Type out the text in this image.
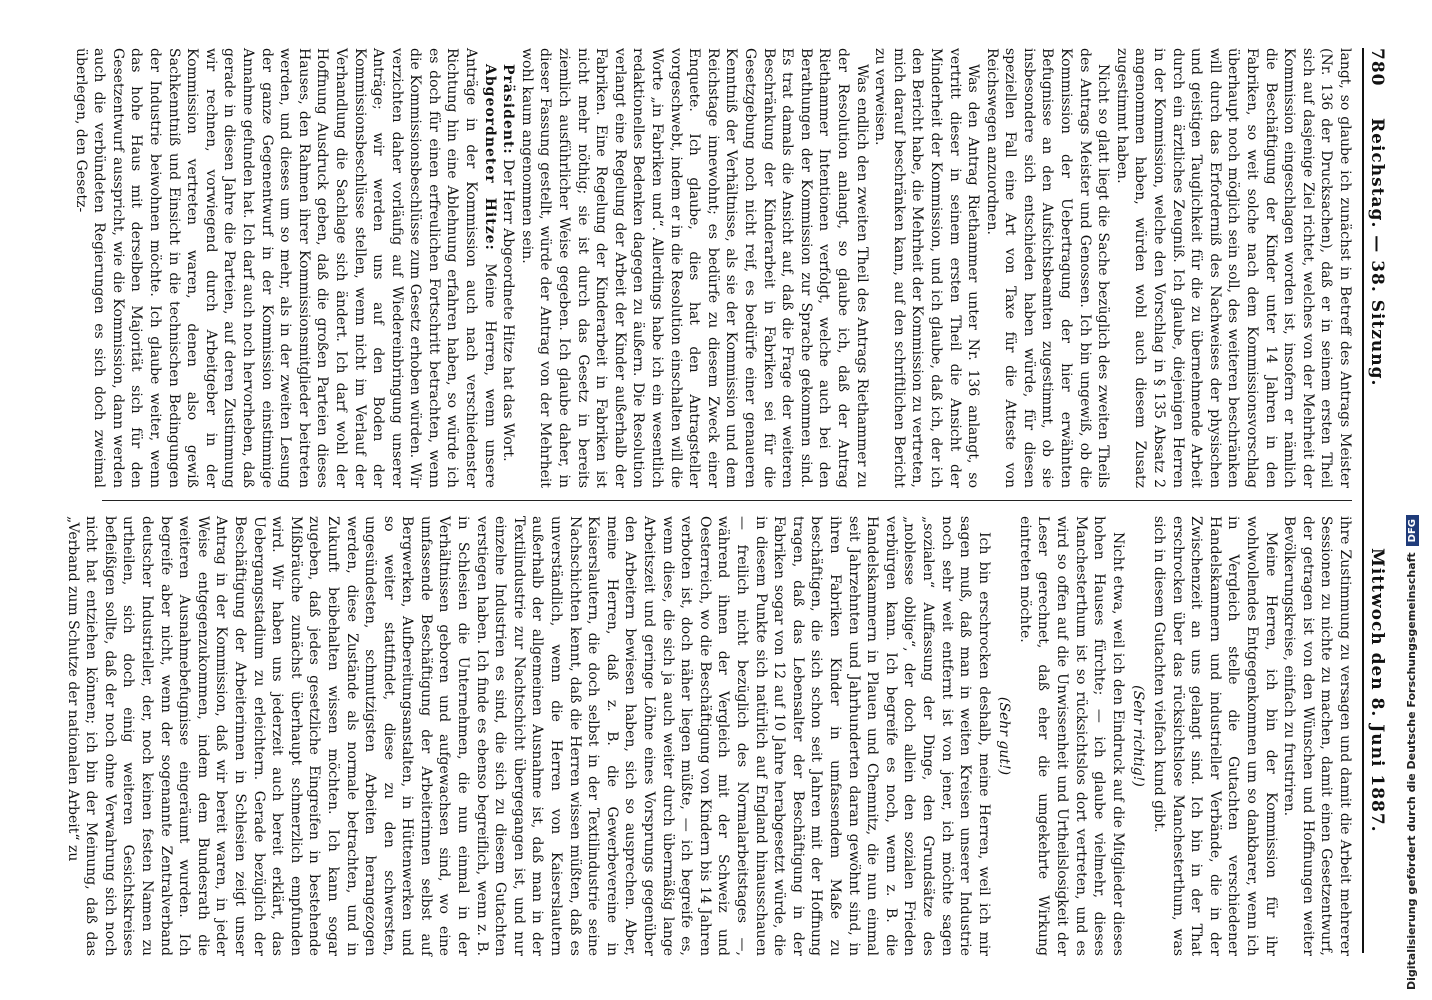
780
Reichstag. — 38. Sitzung.
Mittwoch den 8. Juni 1887.

langt, so glaube ich zunächst in Betreff des Antrags Meister (Nr. 136 der Drucksachen), daß er in seinem ersten Theil sich auf dasjenige Ziel richtet, welches von der Mehrheit der Kommission eingeschlagen worden ist, insofern er nämlich die Beschäftigung der Kinder unter 14 Jahren in den Fabriken, so weit solche nach dem Kommissionsvorschlag überhaupt noch möglich sein soll, des weiteren beschränken will durch das Erforderniß des Nachweises der physischen und geistigen Tauglichkeit für die zu übernehmende Arbeit durch ein ärztliches Zeugniß. Ich glaube, diejenigen Herren in der Kommission, welche den Vorschlag in § 135 Absatz 2 angenommen haben, würden wohl auch diesem Zusatz zugestimmt haben.

Nicht so glatt liegt die Sache bezüglich des zweiten Theils des Antrags Meister und Genossen. Ich bin ungewiß, ob die Kommission der Uebertragung der hier erwähnten Befugnisse an den Aufsichtsbeamten zugestimmt, ob sie insbesondere sich entschieden haben würde, für diesen speziellen Fall eine Art von Taxe für die Atteste von Reichswegen anzuordnen.

Was den Antrag Riethammer unter Nr. 136 anlangt, so vertritt dieser in seinem ersten Theil die Ansicht der Minderheit der Kommission, und ich glaube, daß ich, der ich den Bericht habe, die Mehrheit der Kommission zu vertreten, mich darauf beschränken kann, auf den schriftlichen Bericht zu verweisen.

Was endlich den zweiten Theil des Antrags Riethammer zu der Resolution anlangt, so glaube ich, daß der Antrag Riethammer Intentionen verfolgt, welche auch bei den Berathungen der Kommission zur Sprache gekommen sind. Es trat damals die Ansicht auf, daß die Frage der weiteren Beschränkung der Kinderarbeit in Fabriken sei für die Gesetzgebung noch nicht reif, es bedürfe einer genaueren Kenntniß der Verhältnisse, als sie der Kommission und dem Reichstage innewohnt; es bedürfe zu diesem Zweck einer Enquete. Ich glaube, dies hat den Antragsteller vorgeschwebt, indem er in die Resolution einschalten will die Worte „in Fabriken und“. Allerdings habe ich ein wesentlich redaktionelles Bedenken dagegen zu äußern. Die Resolution verlangt eine Regelung der Arbeit der Kinder außerhalb der Fabriken. Eine Regelung der Kinderarbeit in Fabriken ist nicht mehr nöthig; sie ist durch das Gesetz in bereits ziemlich ausführlicher Weise gegeben. Ich glaube daher, in dieser Fassung gestellt, würde der Antrag von der Mehrheit wohl kaum angenommen sein.

Präsident: Der Herr Abgeordnete Hitze hat das Wort.

Abgeordneter Hitze: Meine Herren, wenn unsere Anträge in der Kommission auch nach verschiedenster Richtung hin eine Ablehnung erfahren haben, so würde ich es doch für einen erfreulichen Fortschritt betrachten, wenn die Kommissionsbeschlüsse zum Gesetz erhoben würden. Wir verzichten daher vorläufig auf Wiedereinbringung unserer Anträge; wir werden uns auf den Boden der Kommissionsbeschlüsse stellen, wenn nicht im Verlauf der Verhandlung die Sachlage sich ändert. Ich darf wohl der Hoffnung Ausdruck geben, daß die großen Parteien dieses Hauses, den Rahmen ihrer Kommissionsmitglieder beitreten werden, und dieses um so mehr, als in der zweiten Lesung der ganze Gegenentwurf in der Kommission einstimmige Annahme gefunden hat. Ich darf auch noch hervorheben, daß gerade in diesen Jahre die Parteien, auf deren Zustimmung wir rechnen, vorwiegend durch Arbeitgeber in der Kommission vertreten waren, denen also gewiß Sachkenntniß und Einsicht in die technischen Bedingungen der Industrie beiwohnen möchte. Ich glaube weiter, wenn das hohe Haus mit derselben Majorität sich für den Gesetzentwurf ausspricht, wie die Kommission, dann werden auch die verbündeten Regierungen es sich doch zweimal überlegen, den Gesetz-

ihre Zustimmung zu versagen und damit die Arbeit mehrerer Sessionen zu nichte zu machen, damit einen Gesetzentwurf, der getragen ist von den Wünschen und Hoffnungen weiter Bevölkerungskreise, einfach zu frustriren.

Meine Herren, ich bin der Kommission für ihr wohlwollendes Entgegenkommen um so dankbarer, wenn ich in Vergleich stelle die Gutachten verschiedener Handelskammern und industrieller Verbände, die in der Zwischenzeit an uns gelangt sind. Ich bin in der That erschrocken über das rücksichtslose Manchesterthum, was sich in diesem Gutachten vielfach kund gibt.

(Sehr richtig!)

Nicht etwa, weil ich den Eindruck auf die Mitglieder dieses hohen Hauses fürchte; — ich glaube vielmehr, dieses Manchesterthum ist so rücksichtslos dort vertreten, und es wird so offen auf die Unwissenheit und Urtheilslosigkeit der Leser gerechnet, daß eher die umgekehrte Wirkung eintreten möchte.

(Sehr gut!)

Ich bin erschrocken deshalb, meine Herren, weil ich mir sagen muß, daß man in weiten Kreisen unserer Industrie noch sehr weit entfernt ist von jener, ich möchte sagen „sozialen“ Auffassung der Dinge, den Grundsätze des „noblesse oblige“, der doch allein den sozialen Frieden verbürgen kann. Ich begreife es noch, wenn z. B. die Handelskammern in Plauen und Chemnitz, die nun einmal seit Jahrzehnten und Jahrhunderten daran gewöhnt sind, in ihren Fabriken Kinder in umfassendem Maße zu beschäftigen, die sich schon seit Jahren mit der Hoffnung tragen, daß das Lebensalter der Beschäftigung in der Fabriken sogar von 12 auf 10 Jahre herabgesetzt würde, die in diesem Punkte sich natürlich auf England hinausschauen — freilich nicht bezüglich des Normalarbeitstages —, während ihnen der Vergleich mit der Schweiz und Oesterreich, wo die Beschäftigung von Kindern bis 14 Jahren verboten ist, doch näher liegen müßte, — ich begreife es, wenn diese, die sich ja auch weiter durch übermäßig lange Arbeitszeit und geringe Löhne eines Vorsprungs gegenüber den Arbeitern bewiesen haben, sich so ausprechen. Aber, meine Herren, daß z. B. die Gewerbevereine in Kaiserslautern, die doch selbst in der Textilindustrie seine Nachschichten kennt, daß die Herren wissen müßten, daß es unverständlich, wenn die Herren von Kaiserslautern außerhalb der allgemeinen Ausnahme ist, daß man in der Textilindustrie zur Nachtschicht übergegangen ist, und nur einzelne Industrien es sind, die sich zu diesem Gutachten verstiegen haben. Ich finde es ebenso begreiflich, wenn z. B. in Schlesien die Unternehmen, die nun einmal in der Verhältnissen geboren und aufgewachsen sind, wo eine umfassende Beschäftigung der Arbeiterinnen selbst auf Bergwerken, Aufbereitungsanstalten, in Hüttenwerken und so weiter stattfindet, diese zu den schwersten, ungesündesten, schmutzigsten Arbeiten herangezogen werden, diese Zustände als normale betrachten, und in Zukunft beibehalten wissen möchten. Ich kann sogar zugeben, daß jedes gesetzliche Eingreifen in bestehende Mißbräuche zunächst überhaupt schmerzlich empfunden wird. Wir haben uns jederzeit auch bereit erklärt, das Uebergangsstadium zu erleichtern. Gerade bezüglich der Beschäftigung der Arbeiterinnen in Schlesien zeigt unser Antrag in der Kommission, daß wir bereit waren, in jeder Weise entgegenzukommen, indem dem Bundesrath die weiteren Ausnahmebefugnisse eingeräumt wurden. Ich begreife aber nicht, wenn der sogenannte Zentralverband deutscher Industrieller, der, noch keinen festen Namen zu urtheilen, sich doch einig weiteren Gesichtskreises befleißigen sollte, daß der noch ohne Verwahrung sich noch nicht hat entziehen können; ich bin der Meinung, daß das „Verband zum Schutze der nationalen Arbeit“ zu	Digitalisierung gefördert durch die Deutsche ForschungsgemeinschaftDFG
